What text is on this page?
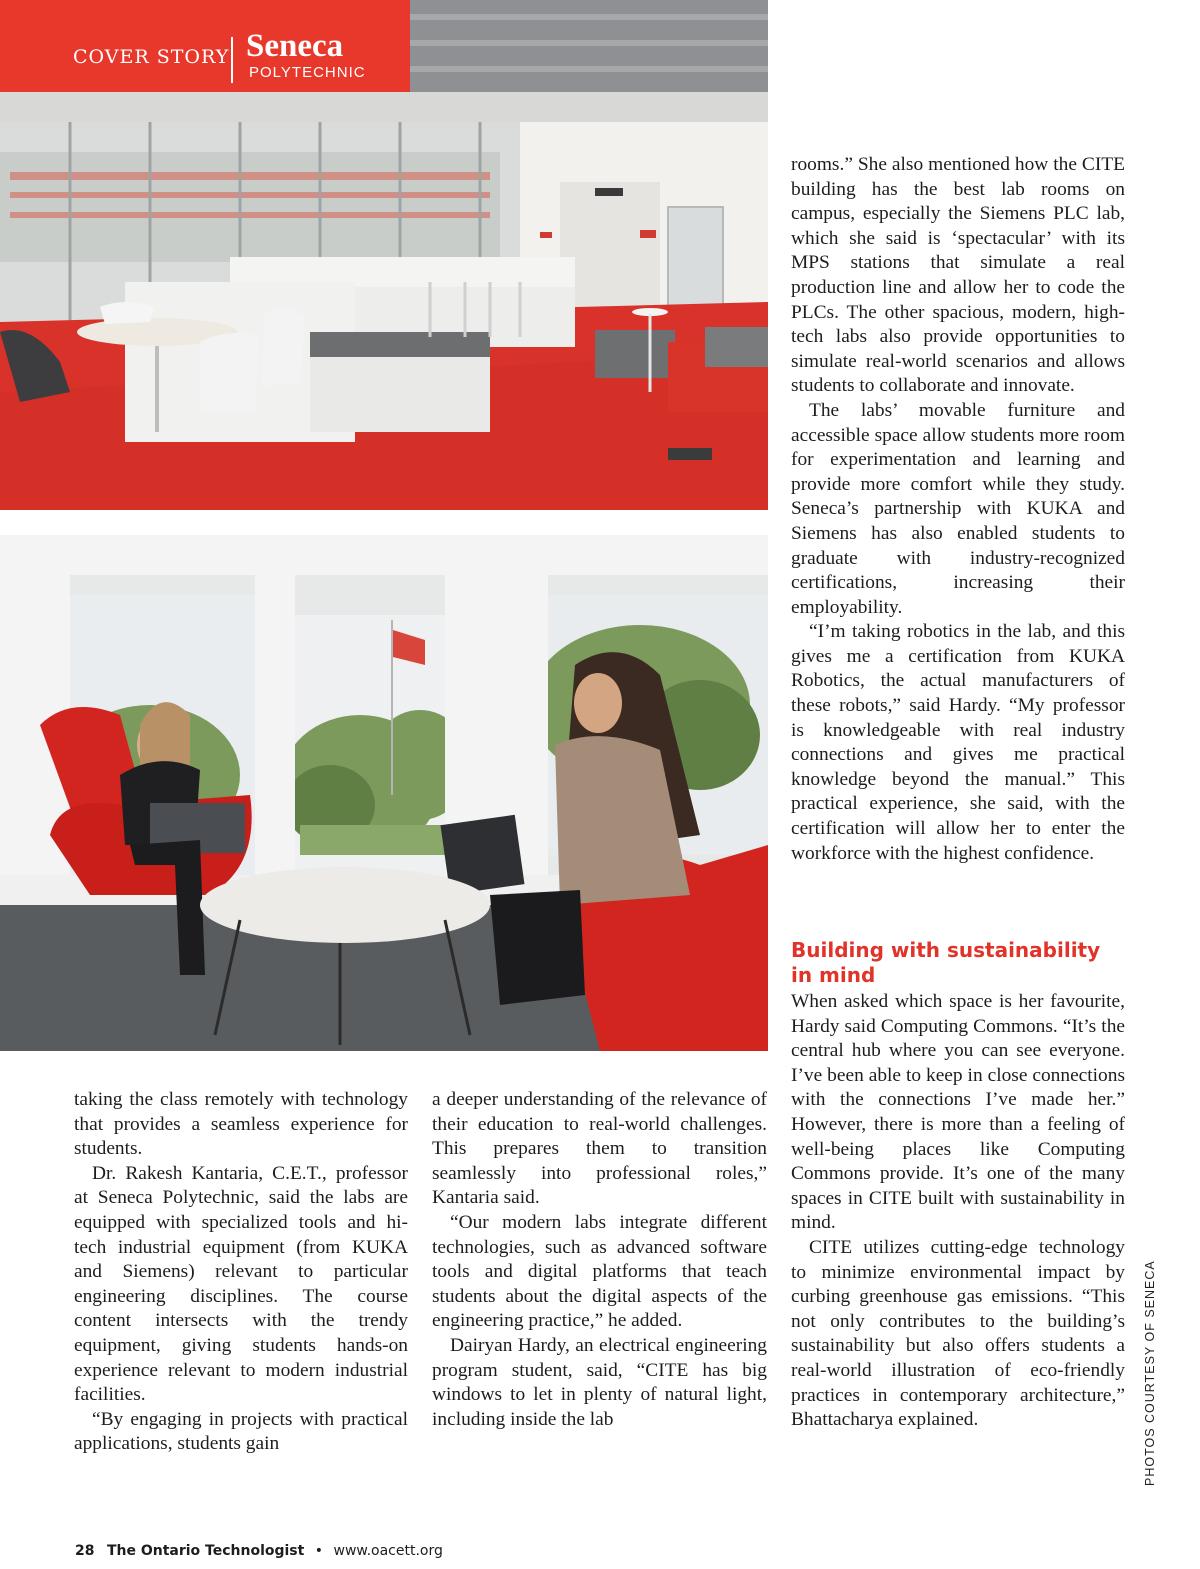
COVER STORY Seneca
POLYTECHNIC

taking the class remotely with technology that provides a seamless experience for students.

Dr. Rakesh Kantaria, C.E.T., professor at Seneca Polytechnic, said the labs are equipped with specialized tools and hi-tech industrial equipment (from KUKA and Siemens) relevant to particular engineering disciplines. The course content intersects with the trendy equipment, giving students hands-on experience relevant to modern industrial facilities.

“By engaging in projects with practical applications, students gain

a deeper understanding of the relevance of their education to real-world challenges. This prepares them to transition seamlessly into professional roles,” Kantaria said.

“Our modern labs integrate different technologies, such as advanced software tools and digital platforms that teach students about the digital aspects of the engineering practice,” he added.

Dairyan Hardy, an electrical engineering program student, said, “CITE has big windows to let in plenty of natural light, including inside the lab

rooms.” She also mentioned how the CITE building has the best lab rooms on campus, especially the Siemens PLC lab, which she said is ‘spectacular’ with its MPS stations that simulate a real production line and allow her to code the PLCs. The other spacious, modern, high-tech labs also provide opportunities to simulate real-world scenarios and allows students to collaborate and innovate.

The labs’ movable furniture and accessible space allow students more room for experimentation and learning and provide more comfort while they study. Seneca’s partnership with KUKA and Siemens has also enabled students to graduate with industry-recognized certifications, increasing their employability.

“I’m taking robotics in the lab, and this gives me a certification from KUKA Robotics, the actual manufacturers of these robots,” said Hardy. “My professor is knowledgeable with real industry connections and gives me practical knowledge beyond the manual.” This practical experience, she said, with the certification will allow her to enter the workforce with the highest confidence.

Building with sustainability in mind

When asked which space is her favourite, Hardy said Computing Commons. “It’s the central hub where you can see everyone. I’ve been able to keep in close connections with the connections I’ve made her.” However, there is more than a feeling of well-being places like Computing Commons provide. It’s one of the many spaces in CITE built with sustainability in mind.

CITE utilizes cutting-edge technology to minimize environmental impact by curbing greenhouse gas emissions. “This not only contributes to the building’s sustainability but also offers students a real-world illustration of eco-friendly practices in contemporary architecture,” Bhattacharya explained.	PHOTOS COURTESY OF SENECA
28 The Ontario Technologist • www.oacett.org
